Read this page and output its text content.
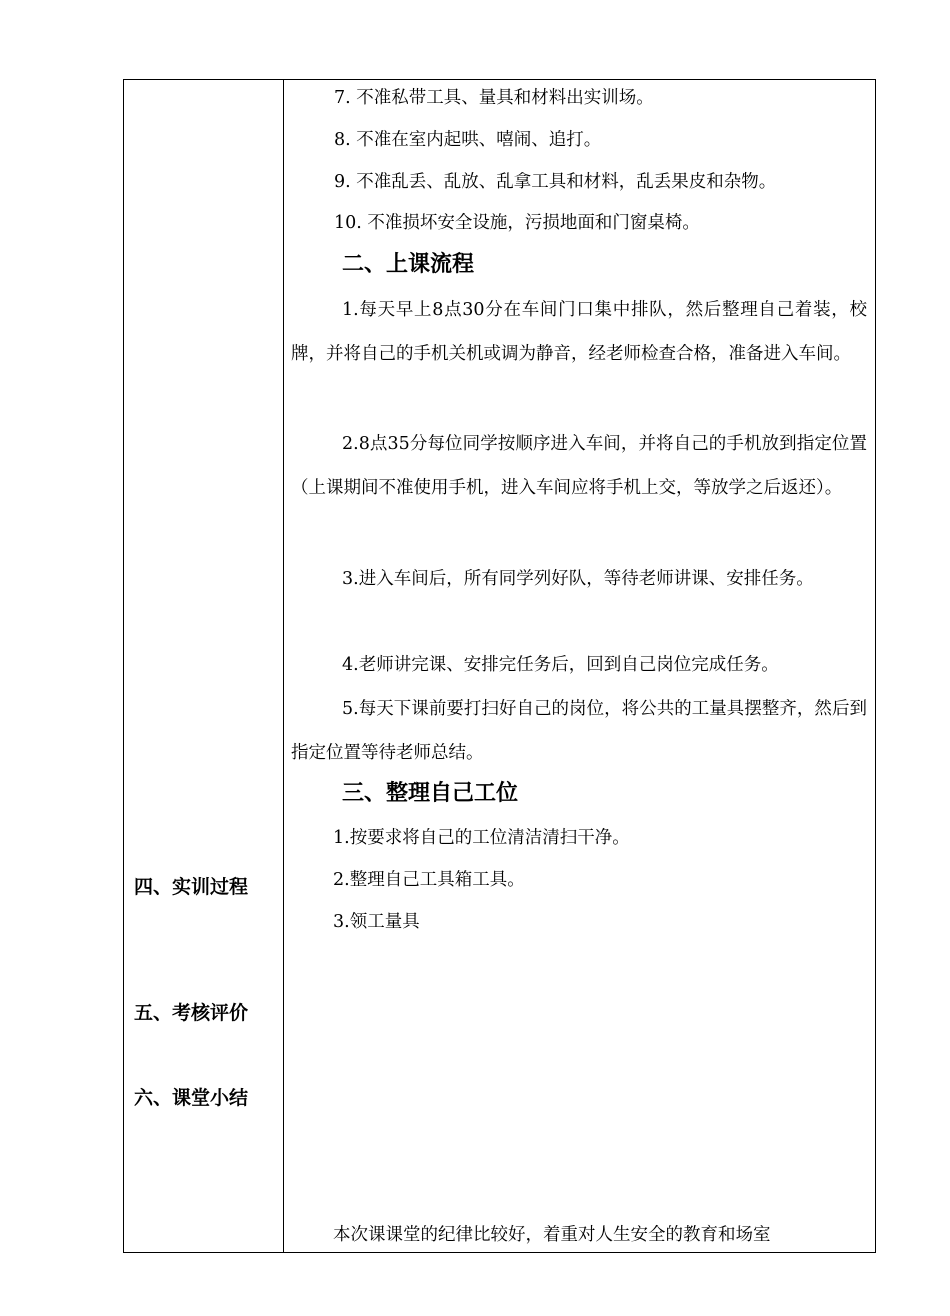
四、实训过程
五、考核评价
六、课堂小结
7. 不准私带工具、量具和材料出实训场。
8. 不准在室内起哄、嘻闹、追打。
9. 不准乱丢、乱放、乱拿工具和材料，乱丢果皮和杂物。
10. 不准损坏安全设施，污损地面和门窗桌椅。
二、上课流程
1.每天早上8点30分在车间门口集中排队，然后整理自己着装，校牌，并将自己的手机关机或调为静音，经老师检查合格，准备进入车间。
2.8点35分每位同学按顺序进入车间，并将自己的手机放到指定位置（上课期间不准使用手机，进入车间应将手机上交，等放学之后返还）。
3.进入车间后，所有同学列好队，等待老师讲课、安排任务。
4.老师讲完课、安排完任务后，回到自己岗位完成任务。
5.每天下课前要打扫好自己的岗位，将公共的工量具摆整齐，然后到指定位置等待老师总结。
三、整理自己工位
1.按要求将自己的工位清洁清扫干净。
2.整理自己工具箱工具。
3.领工量具
本次课课堂的纪律比较好，着重对人生安全的教育和场室
